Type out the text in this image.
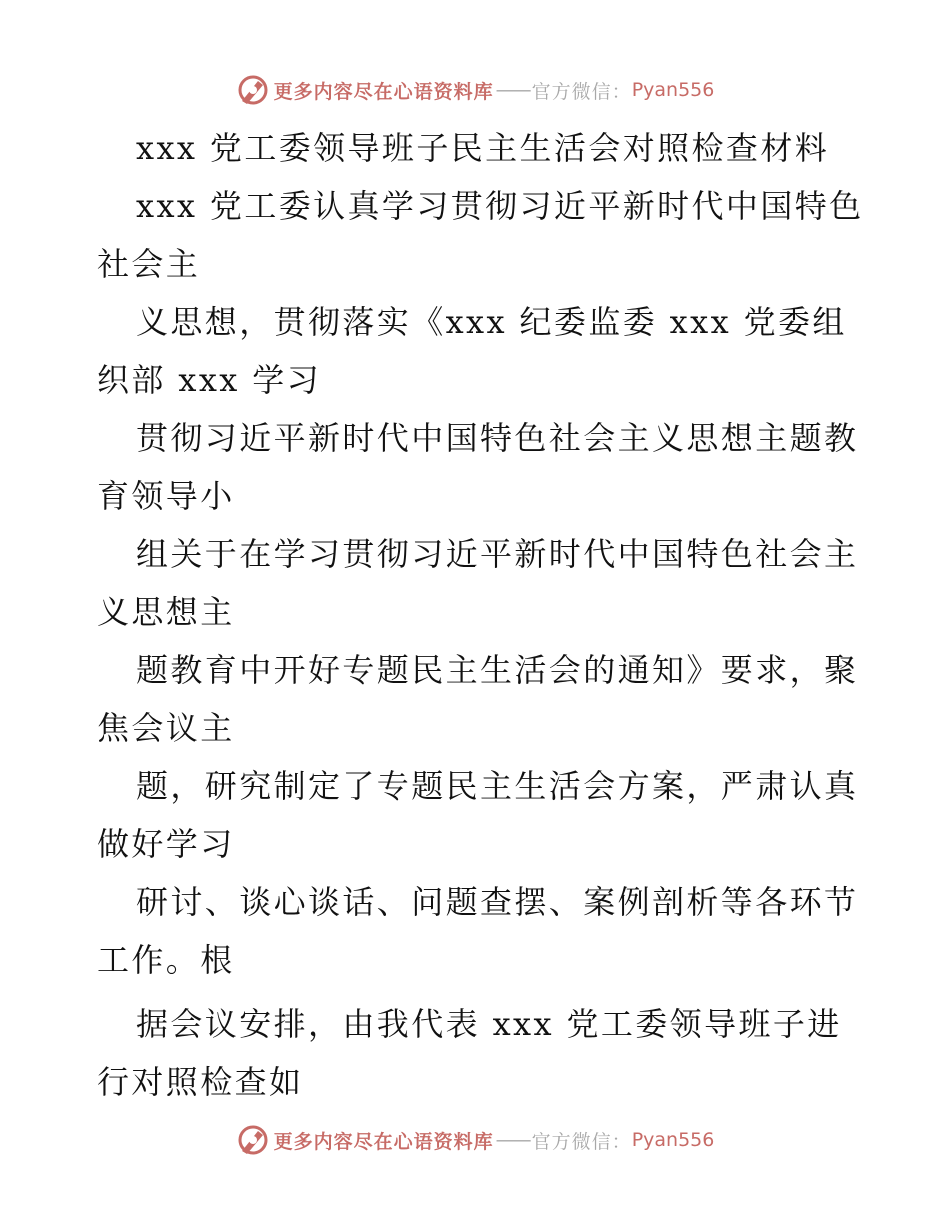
更多内容尽在心语资料库 —— 官方微信： Pyan556
xxx 党工委领导班子民主生活会对照检查材料
xxx 党工委认真学习贯彻习近平新时代中国特色
社会主
义思想，贯彻落实《xxx 纪委监委 xxx 党委组
织部 xxx 学习
贯彻习近平新时代中国特色社会主义思想主题教
育领导小
组关于在学习贯彻习近平新时代中国特色社会主
义思想主
题教育中开好专题民主生活会的通知》要求，聚
焦会议主
题，研究制定了专题民主生活会方案，严肃认真
做好学习
研讨、谈心谈话、问题查摆、案例剖析等各环节
工作。根
据会议安排，由我代表 xxx 党工委领导班子进
行对照检查如
更多内容尽在心语资料库 —— 官方微信： Pyan556
